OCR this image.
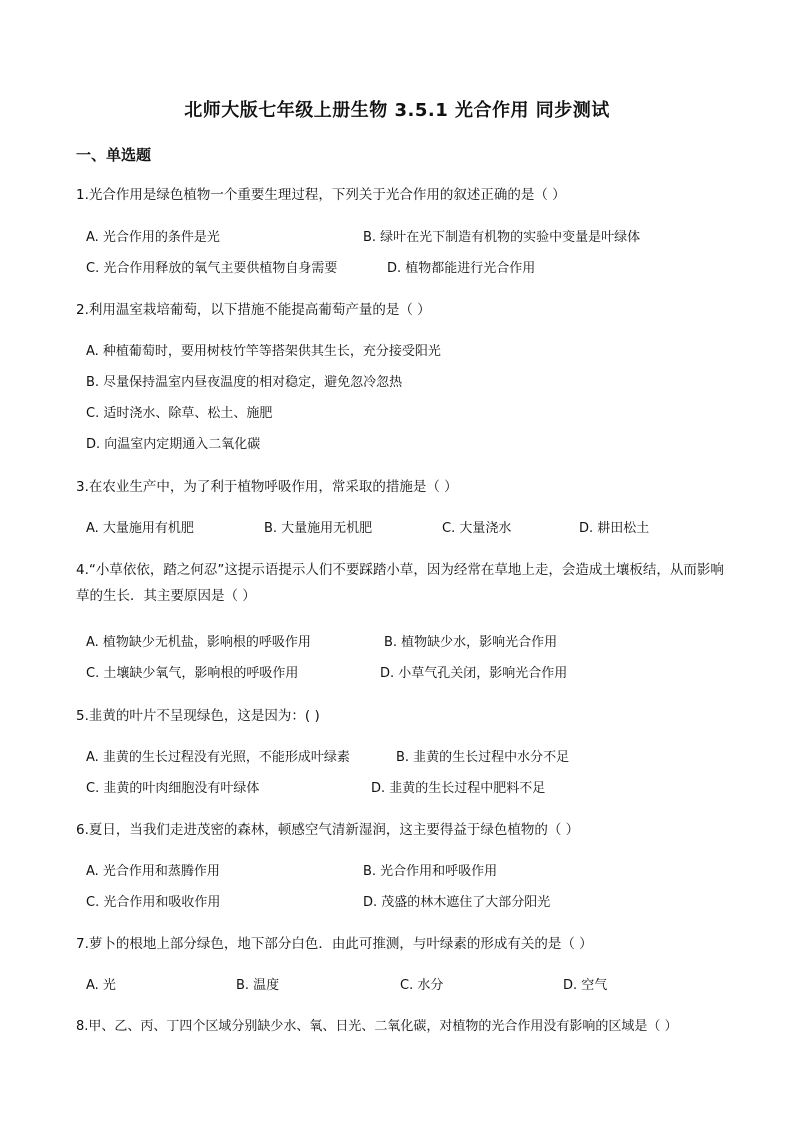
北师大版七年级上册生物 3.5.1 光合作用 同步测试
一、单选题
1.光合作用是绿色植物一个重要生理过程，下列关于光合作用的叙述正确的是（ ）
A. 光合作用的条件是光	B. 绿叶在光下制造有机物的实验中变量是叶绿体
C. 光合作用释放的氧气主要供植物自身需要	D. 植物都能进行光合作用
2.利用温室栽培葡萄，以下措施不能提高葡萄产量的是（ ）
A. 种植葡萄时，要用树枝竹竿等搭架供其生长，充分接受阳光
B. 尽量保持温室内昼夜温度的相对稳定，避免忽冷忽热
C. 适时浇水、除草、松土、施肥
D. 向温室内定期通入二氧化碳
3.在农业生产中，为了利于植物呼吸作用，常采取的措施是（ ）
A. 大量施用有机肥	B. 大量施用无机肥	C. 大量浇水	D. 耕田松土
4.“小草依依，踏之何忍”这提示语提示人们不要踩踏小草，因为经常在草地上走，会造成土壤板结，从而影响草的生长．其主要原因是（ ）
A. 植物缺少无机盐，影响根的呼吸作用	B. 植物缺少水，影响光合作用
C. 土壤缺少氧气，影响根的呼吸作用	D. 小草气孔关闭，影响光合作用
5.韭黄的叶片不呈现绿色，这是因为：( )
A. 韭黄的生长过程没有光照，不能形成叶绿素	B. 韭黄的生长过程中水分不足
C. 韭黄的叶肉细胞没有叶绿体	D. 韭黄的生长过程中肥料不足
6.夏日，当我们走进茂密的森林，顿感空气清新湿润，这主要得益于绿色植物的（ ）
A. 光合作用和蒸腾作用	B. 光合作用和呼吸作用
C. 光合作用和吸收作用	D. 茂盛的林木遮住了大部分阳光
7.萝卜的根地上部分绿色，地下部分白色．由此可推测，与叶绿素的形成有关的是（ ）
A. 光	B. 温度	C. 水分	D. 空气
8.甲、乙、丙、丁四个区域分别缺少水、氧、日光、二氧化碳，对植物的光合作用没有影响的区域是（ ）
